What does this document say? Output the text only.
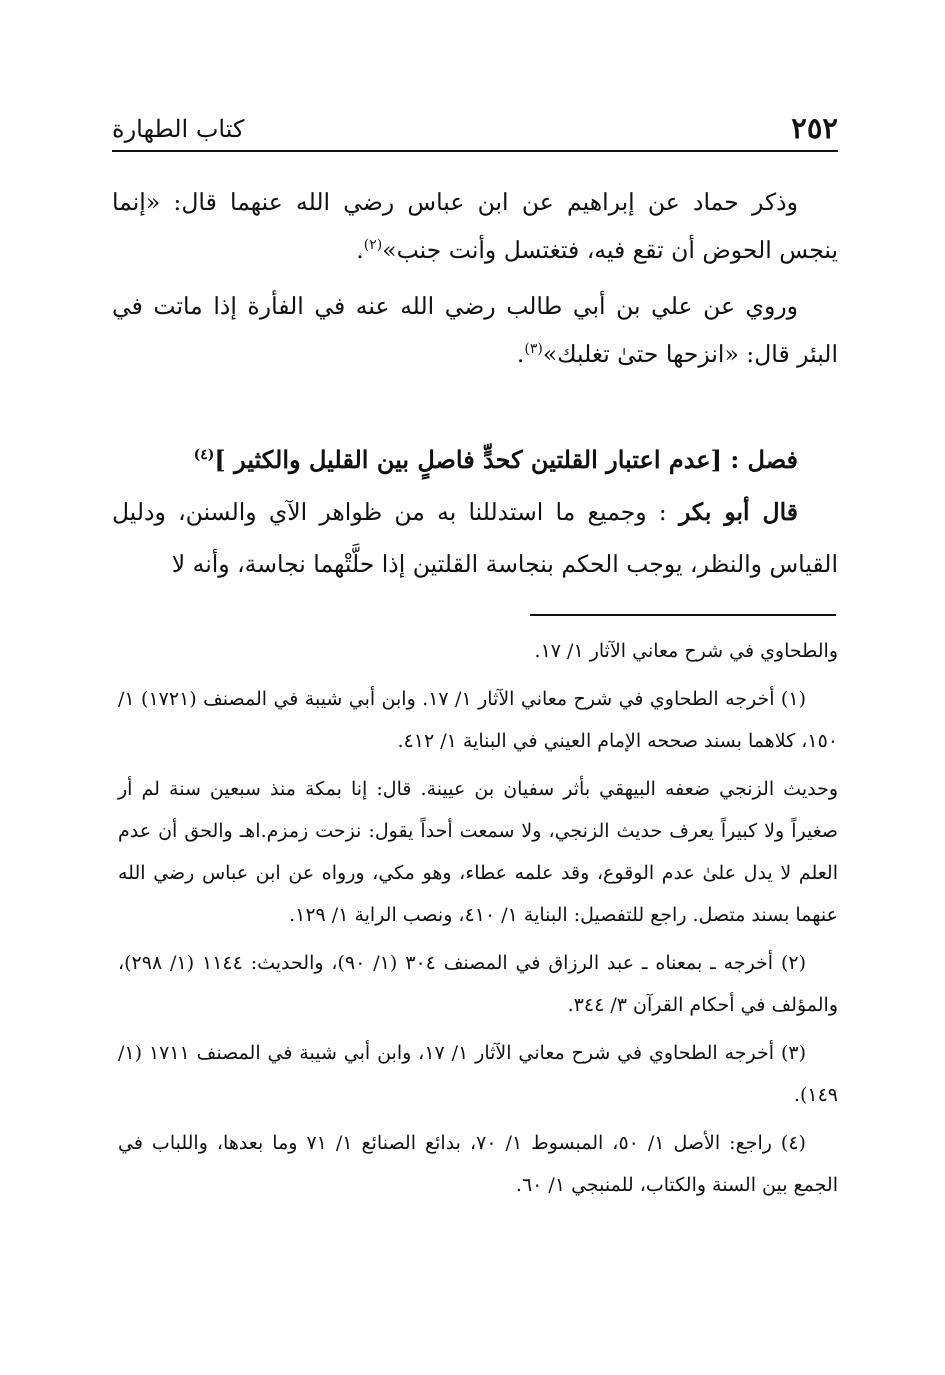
٢٥٢
كتاب الطهارة

وذكر حماد عن إبراهيم عن ابن عباس رضي الله عنهما قال: «إنما ينجس الحوض أن تقع فيه، فتغتسل وأنت جنب»$^{(٢)}$.

وروي عن علي بن أبي طالب رضي الله عنه في الفأرة إذا ماتت في البئر قال: «انزحها حتىٰ تغلبك»$^{(٣)}$.

فصل : [عدم اعتبار القلتين كحدٍّ فاصلٍ بين القليل والكثير ]$^{(٤)}$

قال أبو بكر : وجميع ما استدللنا به من ظواهر الآي والسنن، ودليل القياس والنظر، يوجب الحكم بنجاسة القلتين إذا حلَّتْهما نجاسة، وأنه لا

والطحاوي في شرح معاني الآثار ١/ ١٧.

(١) أخرجه الطحاوي في شرح معاني الآثار ١/ ١٧. وابن أبي شيبة في المصنف (١٧٢١) ١/ ١٥٠، كلاهما بسند صححه الإمام العيني في البناية ١/ ٤١٢.

وحديث الزنجي ضعفه البيهقي بأثر سفيان بن عيينة. قال: إنا بمكة منذ سبعين سنة لم أر صغيراً ولا كبيراً يعرف حديث الزنجي، ولا سمعت أحداً يقول: نزحت زمزم.اهـ والحق أن عدم العلم لا يدل علىٰ عدم الوقوع، وقد علمه عطاء، وهو مكي، ورواه عن ابن عباس رضي الله عنهما بسند متصل. راجع للتفصيل: البناية ١/ ٤١٠، ونصب الراية ١/ ١٢٩.

(٢) أخرجه ـ بمعناه ـ عبد الرزاق في المصنف ٣٠٤ (١/ ٩٠)، والحديث: ١١٤٤ (١/ ٢٩٨)، والمؤلف في أحكام القرآن ٣/ ٣٤٤.

(٣) أخرجه الطحاوي في شرح معاني الآثار ١/ ١٧، وابن أبي شيبة في المصنف ١٧١١ (١/ ١٤٩).

(٤) راجع: الأصل ١/ ٥٠، المبسوط ١/ ٧٠، بدائع الصنائع ١/ ٧١ وما بعدها، واللباب في الجمع بين السنة والكتاب، للمنبجي ١/ ٦٠.
